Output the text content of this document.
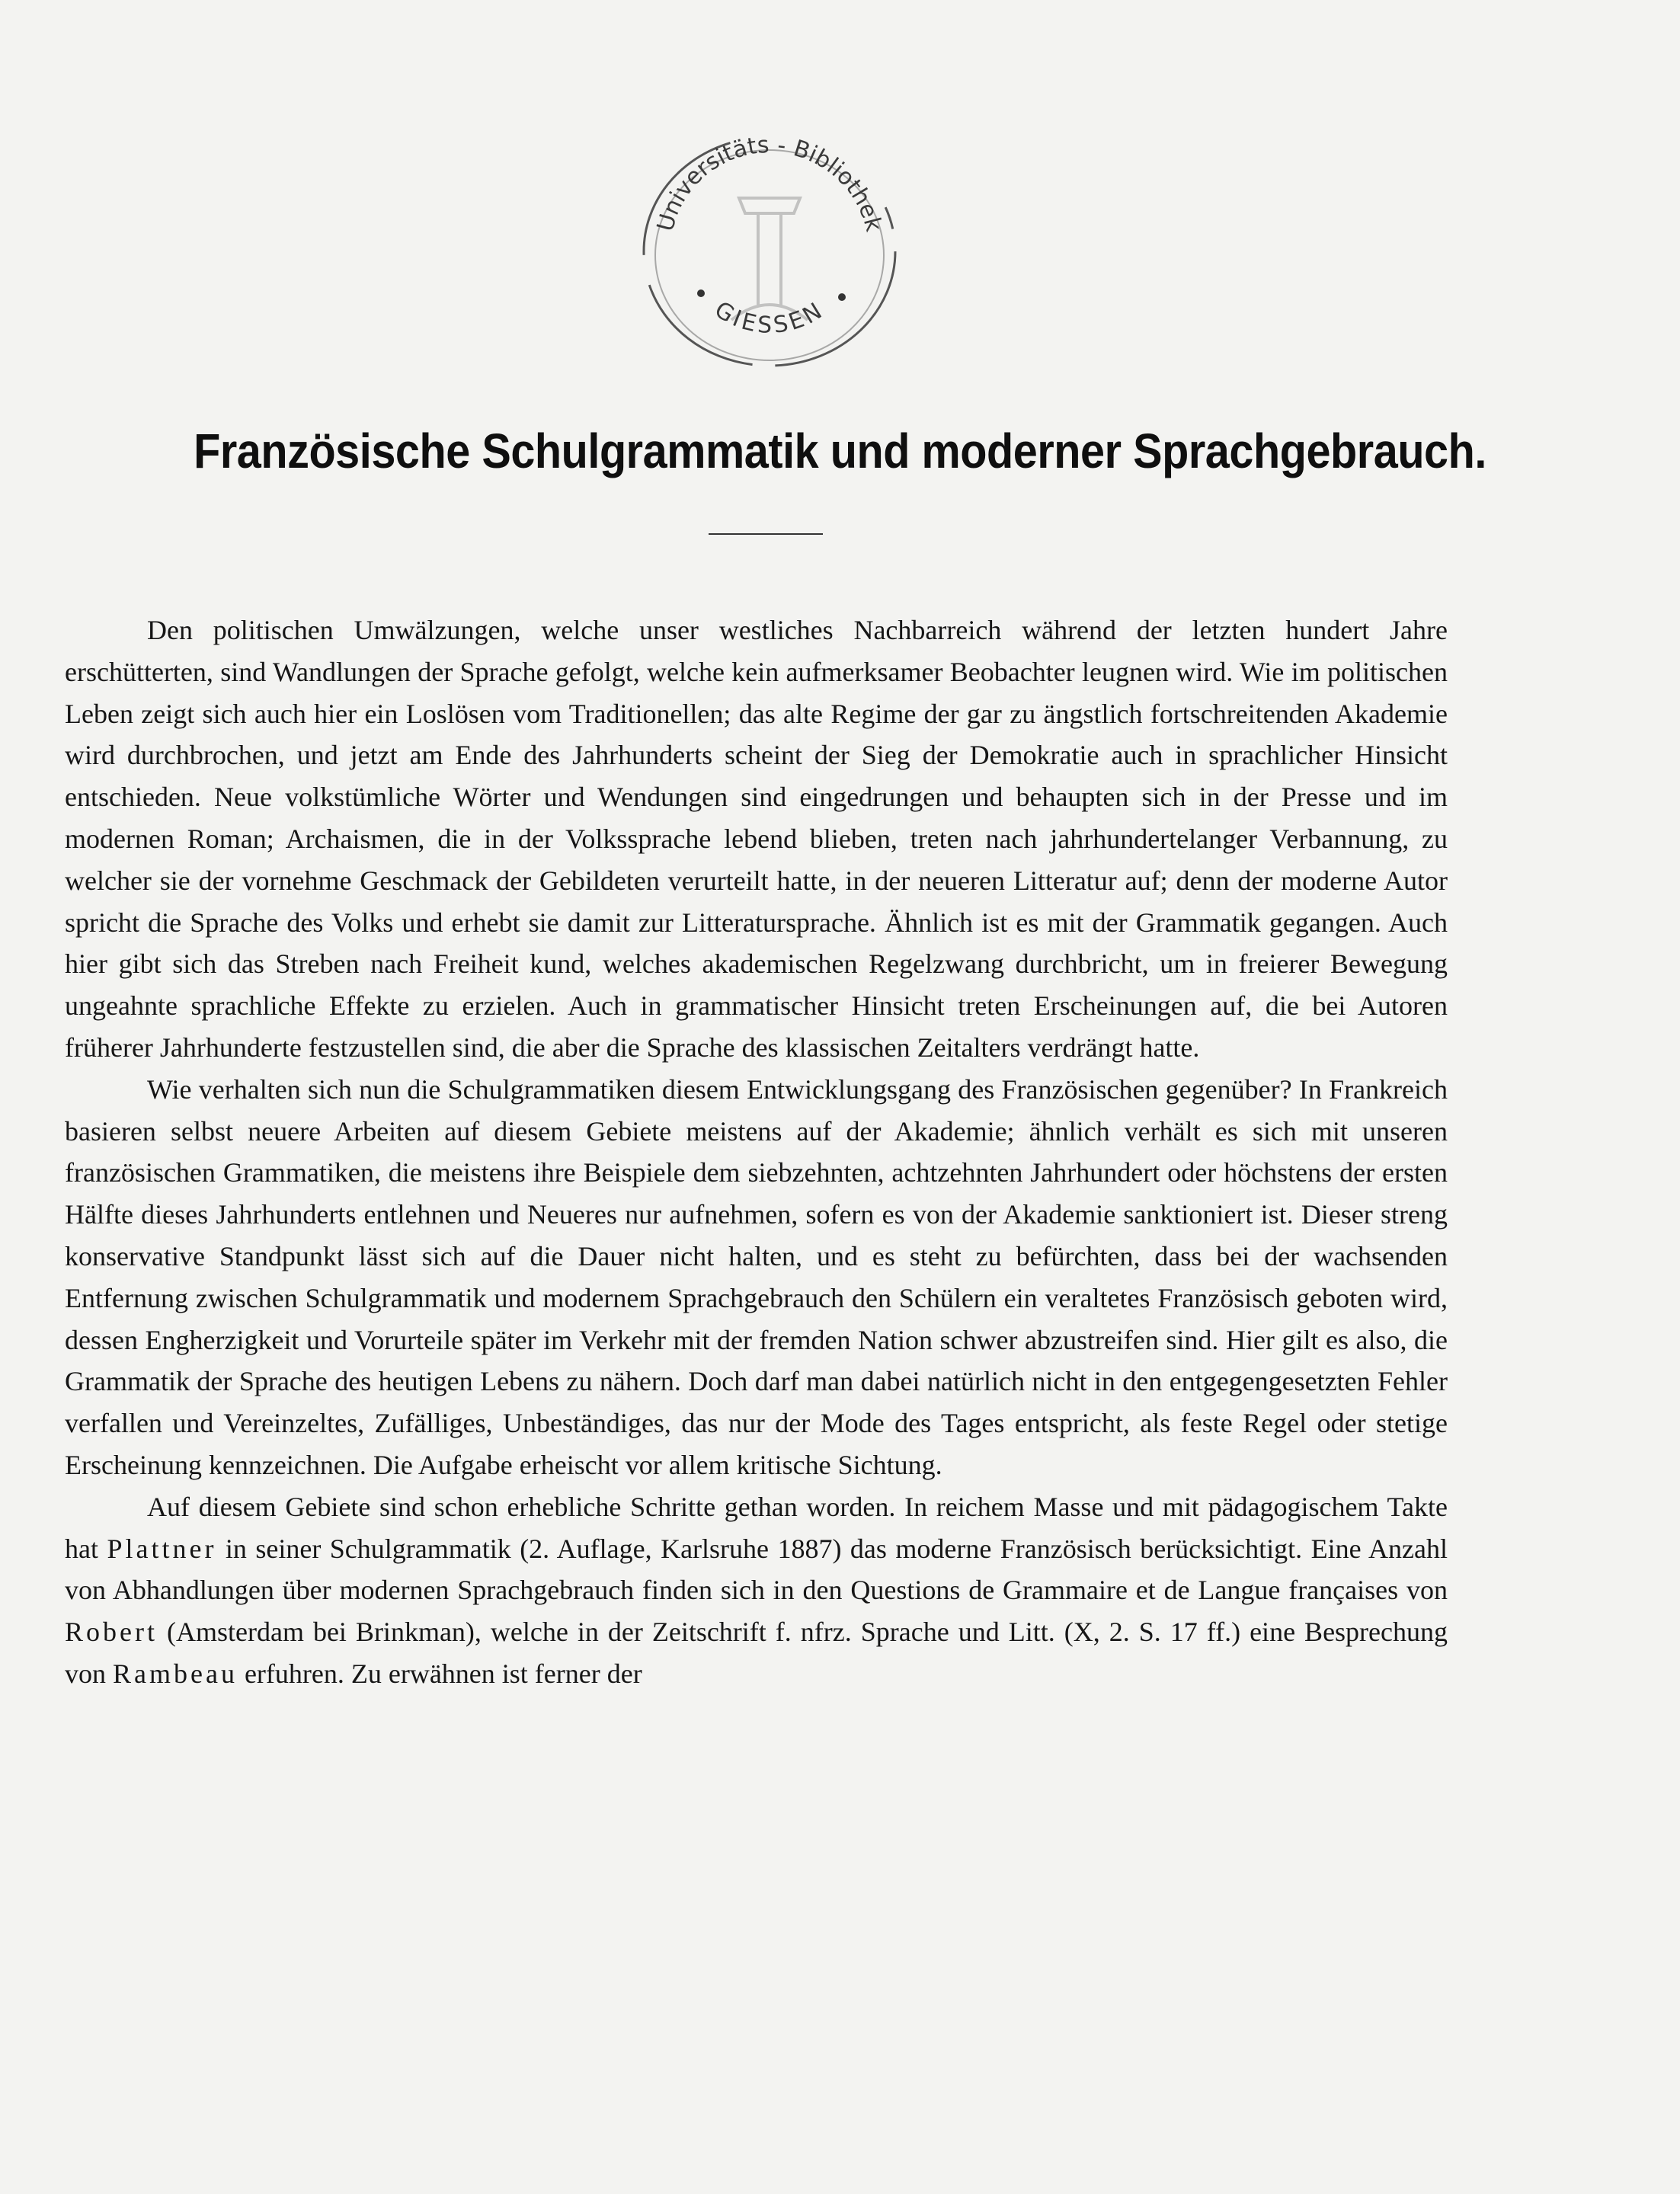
Universitäts - Bibliothek
GIESSEN
Französische Schulgrammatik und moderner Sprachgebrauch.

Den politischen Umwälzungen, welche unser westliches Nachbarreich während der letzten hundert Jahre erschütterten, sind Wandlungen der Sprache gefolgt, welche kein aufmerksamer Beobachter leugnen wird. Wie im politischen Leben zeigt sich auch hier ein Loslösen vom Traditionellen; das alte Regime der gar zu ängstlich fortschreitenden Akademie wird durchbrochen, und jetzt am Ende des Jahrhunderts scheint der Sieg der Demokratie auch in sprachlicher Hinsicht entschieden. Neue volkstümliche Wörter und Wendungen sind eingedrungen und behaupten sich in der Presse und im modernen Roman; Archaismen, die in der Volkssprache lebend blieben, treten nach jahrhundertelanger Verbannung, zu welcher sie der vornehme Geschmack der Gebildeten verurteilt hatte, in der neueren Litteratur auf; denn der moderne Autor spricht die Sprache des Volks und erhebt sie damit zur Litteratursprache. Ähnlich ist es mit der Grammatik gegangen. Auch hier gibt sich das Streben nach Freiheit kund, welches akademischen Regelzwang durchbricht, um in freierer Bewegung ungeahnte sprachliche Effekte zu erzielen. Auch in grammatischer Hinsicht treten Erscheinungen auf, die bei Autoren früherer Jahrhunderte festzustellen sind, die aber die Sprache des klassischen Zeitalters verdrängt hatte.

Wie verhalten sich nun die Schulgrammatiken diesem Entwicklungsgang des Französischen gegenüber? In Frankreich basieren selbst neuere Arbeiten auf diesem Gebiete meistens auf der Akademie; ähnlich verhält es sich mit unseren französischen Grammatiken, die meistens ihre Beispiele dem siebzehnten, achtzehnten Jahrhundert oder höchstens der ersten Hälfte dieses Jahrhunderts entlehnen und Neueres nur aufnehmen, sofern es von der Akademie sanktioniert ist. Dieser streng konservative Standpunkt lässt sich auf die Dauer nicht halten, und es steht zu befürchten, dass bei der wachsenden Entfernung zwischen Schulgrammatik und modernem Sprachgebrauch den Schülern ein veraltetes Französisch geboten wird, dessen Engherzigkeit und Vorurteile später im Verkehr mit der fremden Nation schwer abzustreifen sind. Hier gilt es also, die Grammatik der Sprache des heutigen Lebens zu nähern. Doch darf man dabei natürlich nicht in den entgegengesetzten Fehler verfallen und Vereinzeltes, Zufälliges, Unbeständiges, das nur der Mode des Tages entspricht, als feste Regel oder stetige Erscheinung kennzeichnen. Die Aufgabe erheischt vor allem kritische Sichtung.

Auf diesem Gebiete sind schon erhebliche Schritte gethan worden. In reichem Masse und mit pädagogischem Takte hat Plattner in seiner Schulgrammatik (2. Auflage, Karlsruhe 1887) das moderne Französisch berücksichtigt. Eine Anzahl von Abhandlungen über modernen Sprachgebrauch finden sich in den Questions de Grammaire et de Langue françaises von Robert (Amsterdam bei Brinkman), welche in der Zeitschrift f. nfrz. Sprache und Litt. (X, 2. S. 17 ff.) eine Besprechung von Rambeau erfuhren. Zu erwähnen ist ferner der
